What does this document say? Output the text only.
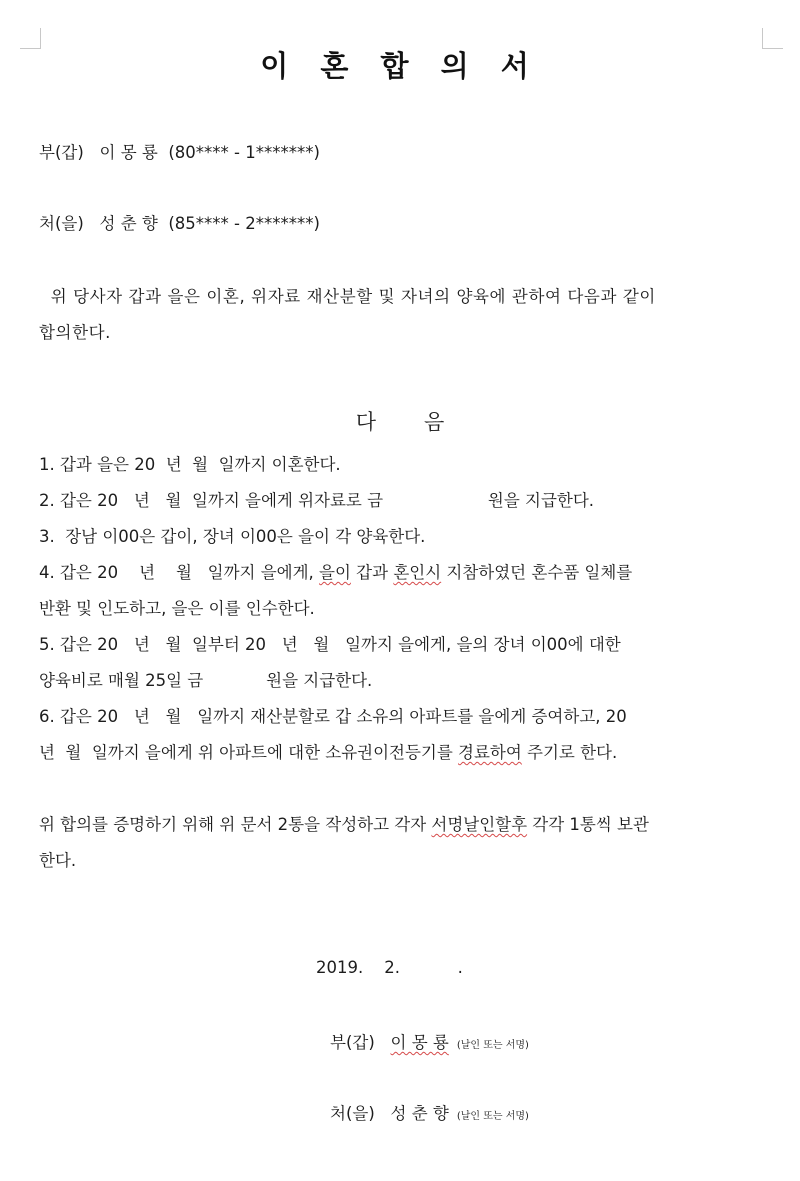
이 혼 합 의 서
부(갑) 이 몽 룡 (80**** - 1*******)
처(을) 성 춘 향 (85**** - 2*******)
위 당사자 갑과 을은 이혼, 위자료 재산분할 및 자녀의 양육에 관하여 다음과 같이
합의한다.
다 음
1. 갑과 을은 20  년  월  일까지 이혼한다.
2. 갑은 20   년   월  일까지 을에게 위자료로 금                    원을 지급한다.
3.  장남 이00은 갑이, 장녀 이00은 을이 각 양육한다.
4. 갑은 20    년    월   일까지 을에게, 을이 갑과 혼인시 지참하였던 혼수품 일체를
반환 및 인도하고, 을은 이를 인수한다.
5. 갑은 20   년   월  일부터 20   년   월   일까지 을에게, 을의 장녀 이00에 대한
양육비로 매월 25일 금            원을 지급한다.
6. 갑은 20   년   월   일까지 재산분할로 갑 소유의 아파트를 을에게 증여하고, 20
년  월  일까지 을에게 위 아파트에 대한 소유권이전등기를 경료하여 주기로 한다.
위 합의를 증명하기 위해 위 문서 2통을 작성하고 각자 서명날인할후 각각 1통씩 보관
한다.
2019.    2.           .
부(갑) 이 몽 룡 (날인 또는 서명)
처(을) 성 춘 향 (날인 또는 서명)
